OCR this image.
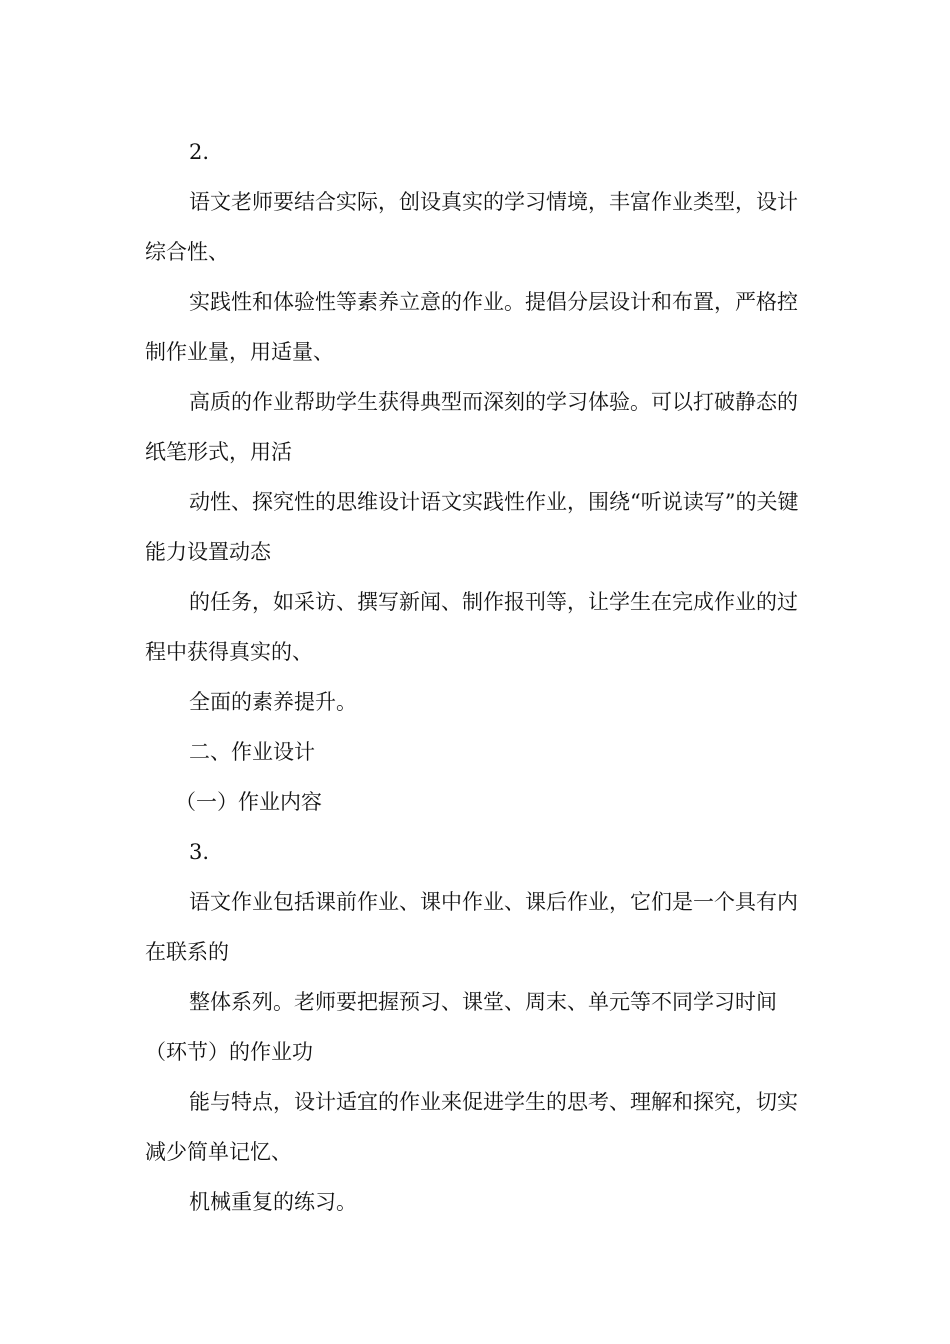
2.

语文老师要结合实际，创设真实的学习情境，丰富作业类型，设计综合性、

实践性和体验性等素养立意的作业。提倡分层设计和布置，严格控制作业量，用适量、

高质的作业帮助学生获得典型而深刻的学习体验。可以打破静态的纸笔形式，用活

动性、探究性的思维设计语文实践性作业，围绕“听说读写”的关键能力设置动态

的任务，如采访、撰写新闻、制作报刊等，让学生在完成作业的过程中获得真实的、

全面的素养提升。

二、作业设计

（一）作业内容

3.

语文作业包括课前作业、课中作业、课后作业，它们是一个具有内在联系的

整体系列。老师要把握预习、课堂、周末、单元等不同学习时间（环节）的作业功

能与特点，设计适宜的作业来促进学生的思考、理解和探究，切实减少简单记忆、

机械重复的练习。
